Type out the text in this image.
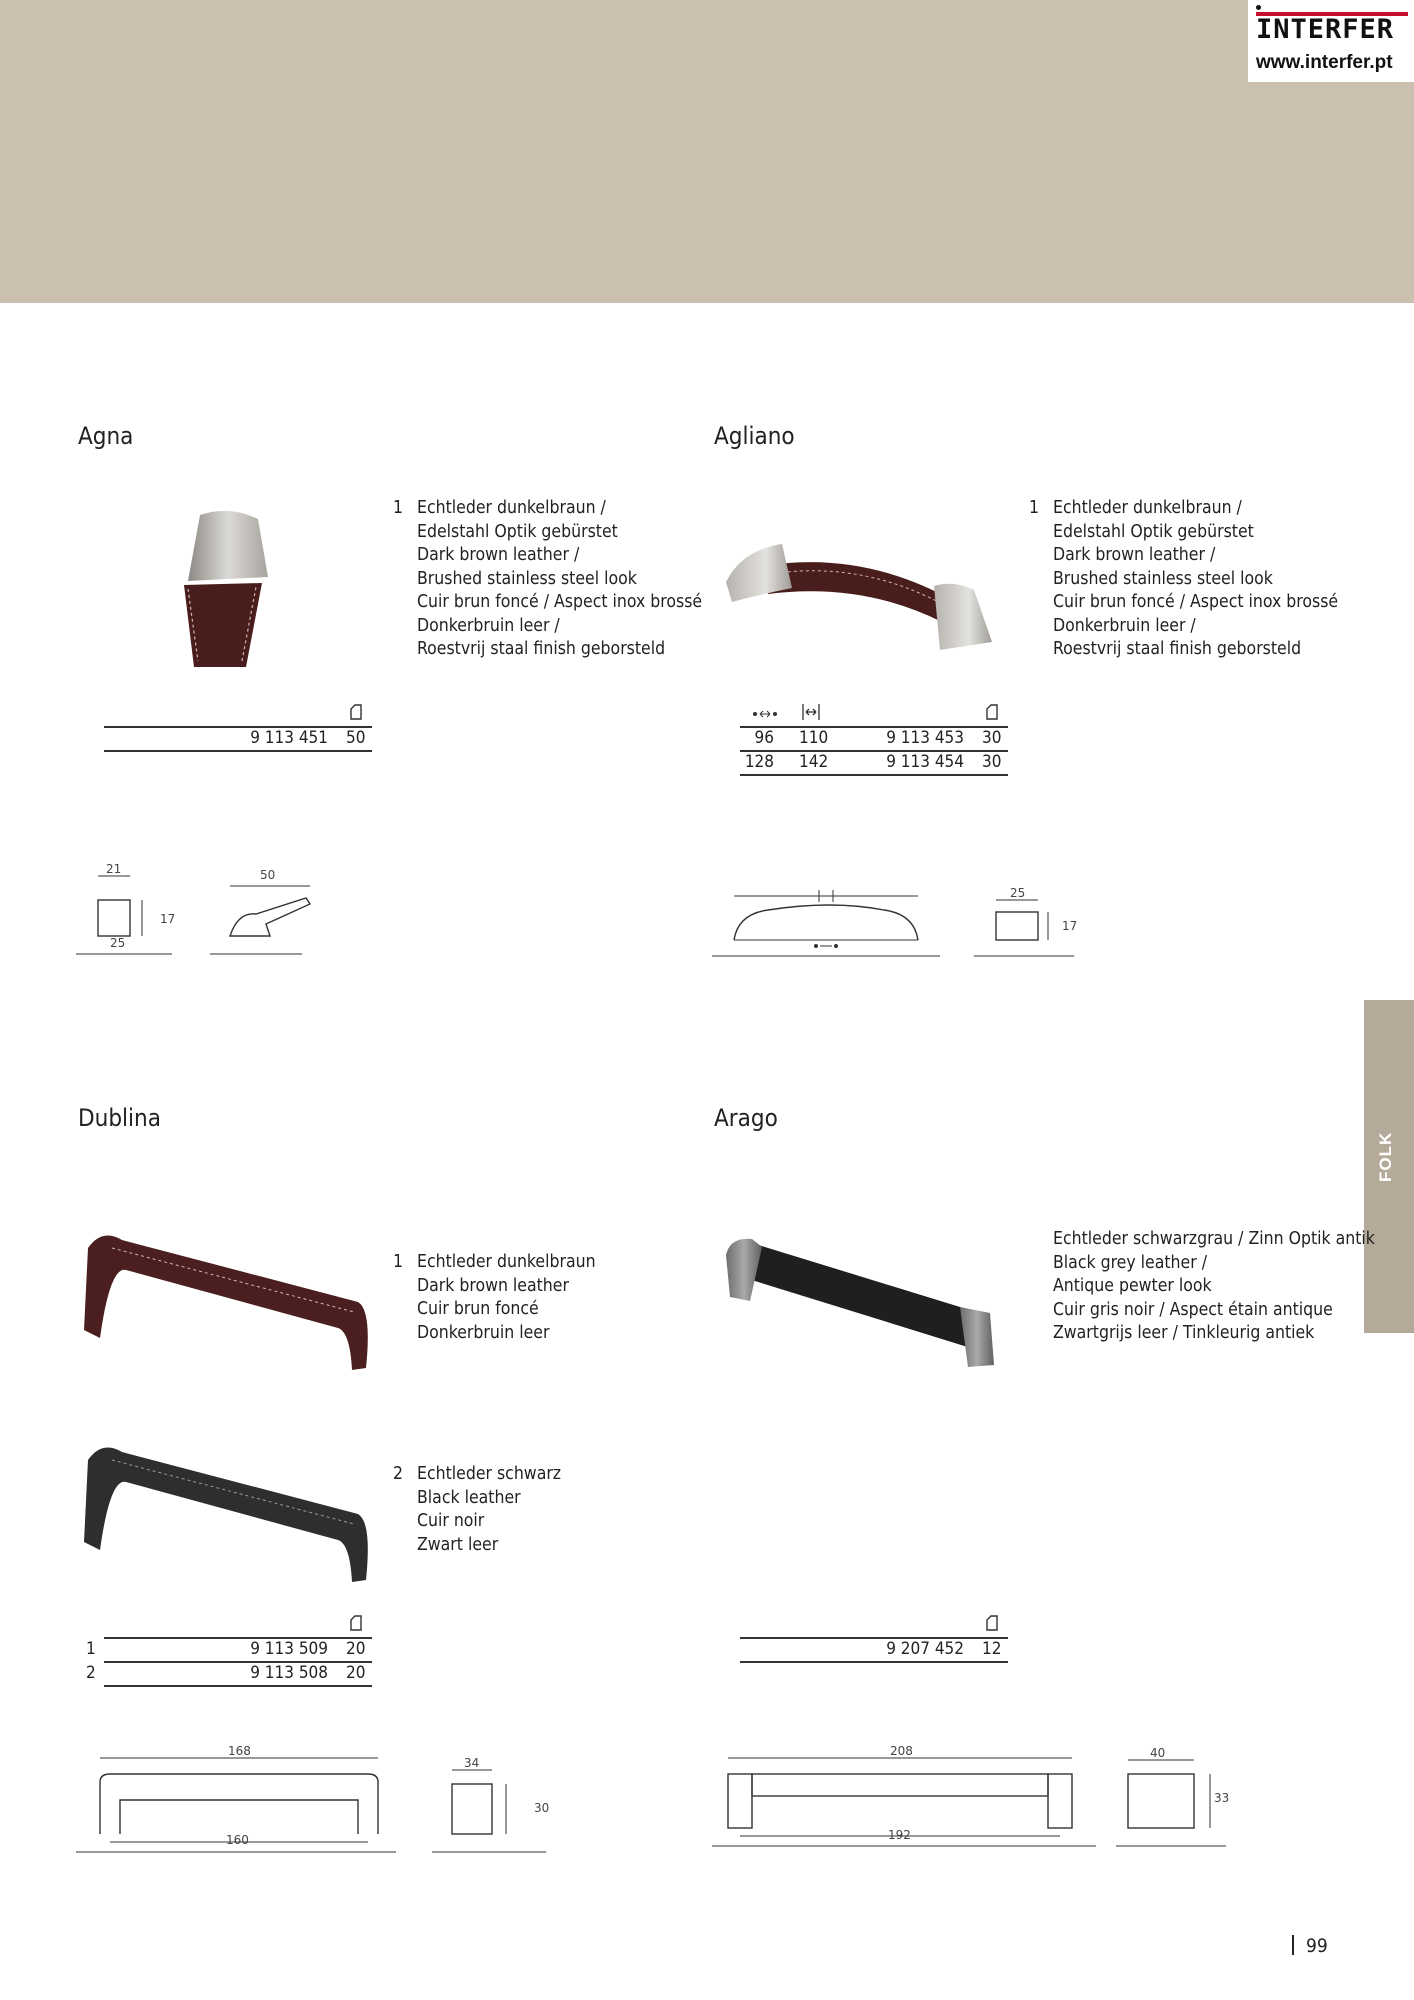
INTERFER
www.interfer.pt
FOLK
Agna
1 Echtleder dunkelbraun /
Edelstahl Optik gebürstet
Dark brown leather /
Brushed stainless steel look
Cuir brun foncé / Aspect inox brossé
Donkerbruin leer /
Roestvrij staal finish geborsteld
9 113 451 50
21
25
17
50
Agliano
1 Echtleder dunkelbraun /
Edelstahl Optik gebürstet
Dark brown leather /
Brushed stainless steel look
Cuir brun foncé / Aspect inox brossé
Donkerbruin leer /
Roestvrij staal finish geborsteld
96 110	9 113 453 30
128 142	9 113 454 30
25
17
Dublina
1 Echtleder dunkelbraun
Dark brown leather
Cuir brun foncé
Donkerbruin leer
2 Echtleder schwarz
Black leather
Cuir noir
Zwart leer
1	9 113 509 20
2	9 113 508 20
168
160
34
30
Arago
Echtleder schwarzgrau / Zinn Optik antik
Black grey leather /
Antique pewter look
Cuir gris noir / Aspect étain antique
Zwartgrijs leer / Tinkleurig antiek
9 207 452 12
208
192
40
33
99
